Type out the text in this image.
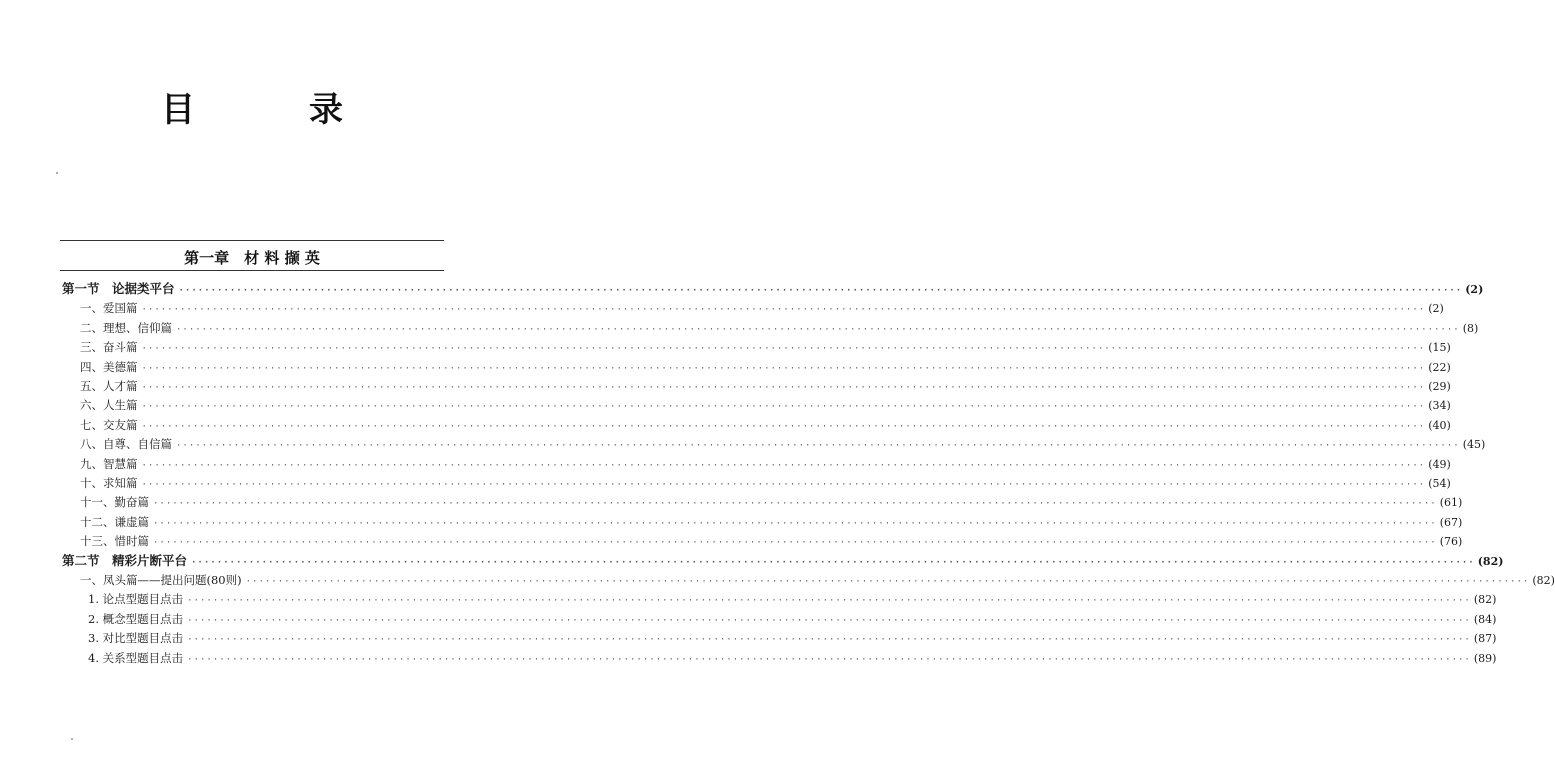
目　录
第一章　材 料 撷 英
第一节　论据类平台 ········································································································································································································ (2)
一、爱国篇 ········································································································································································································ (2)
二、理想、信仰篇 ········································································································································································································ (8)
三、奋斗篇 ········································································································································································································ (15)
四、美德篇 ········································································································································································································ (22)
五、人才篇 ········································································································································································································ (29)
六、人生篇 ········································································································································································································ (34)
七、交友篇 ········································································································································································································ (40)
八、自尊、自信篇 ········································································································································································································ (45)
九、智慧篇 ········································································································································································································ (49)
十、求知篇 ········································································································································································································ (54)
十一、勤奋篇 ········································································································································································································ (61)
十二、谦虚篇 ········································································································································································································ (67)
十三、惜时篇 ········································································································································································································ (76)
第二节　精彩片断平台 ········································································································································································································ (82)
一、凤头篇——提出问题(80则) ········································································································································································································ (82)
1. 论点型题目点击 ········································································································································································································ (82)
2. 概念型题目点击 ········································································································································································································ (84)
3. 对比型题目点击 ········································································································································································································ (87)
4. 关系型题目点击 ········································································································································································································ (89)
